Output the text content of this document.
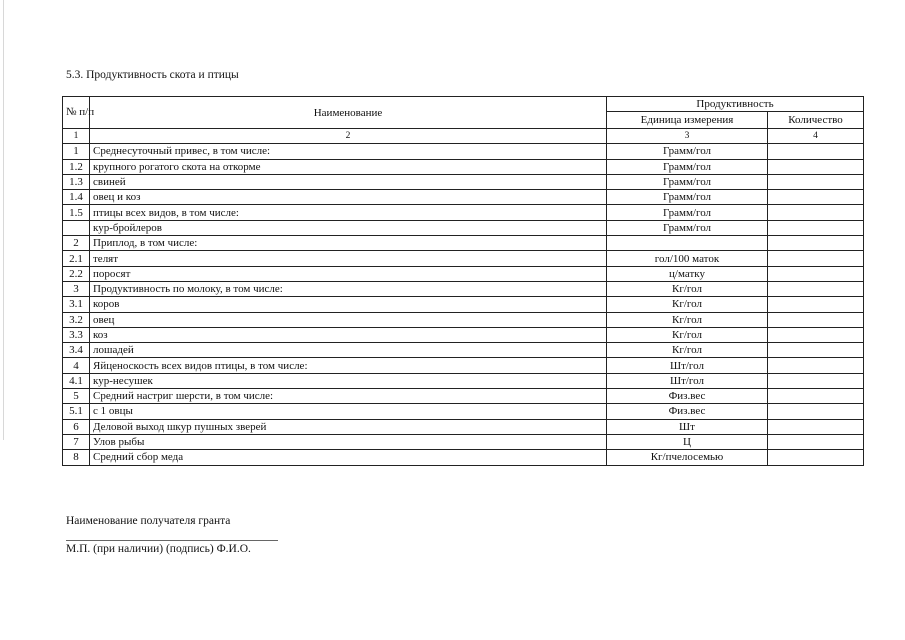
5.3. Продуктивность скота и птицы
№ п/п	Наименование	Продуктивность	
		Единица измерения	Количество
1	2	3	4
1	Среднесуточный привес, в том числе:	Грамм/гол	
1.2	крупного рогатого скота на откорме	Грамм/гол	
1.3	свиней	Грамм/гол	
1.4	овец и коз	Грамм/гол	
1.5	птицы всех видов, в том числе:	Грамм/гол	
	кур-бройлеров	Грамм/гол	
2	Приплод, в том числе:		
2.1	телят	гол/100 маток	
2.2	поросят	ц/матку	
3	Продуктивность по молоку, в том числе:	Кг/гол	
3.1	коров	Кг/гол	
3.2	овец	Кг/гол	
3.3	коз	Кг/гол	
3.4	лошадей	Кг/гол	
4	Яйценоскость всех видов птицы, в том числе:	Шт/гол	
4.1	кур-несушек	Шт/гол	
5	Средний настриг шерсти, в том числе:	Физ.вес	
5.1	с 1 овцы	Физ.вес	
6	Деловой выход шкур пушных зверей	Шт	
7	Улов рыбы	Ц	
8	Средний сбор меда	Кг/пчелосемью	
Наименование получателя гранта
М.П. (при наличии) (подпись) Ф.И.О.
